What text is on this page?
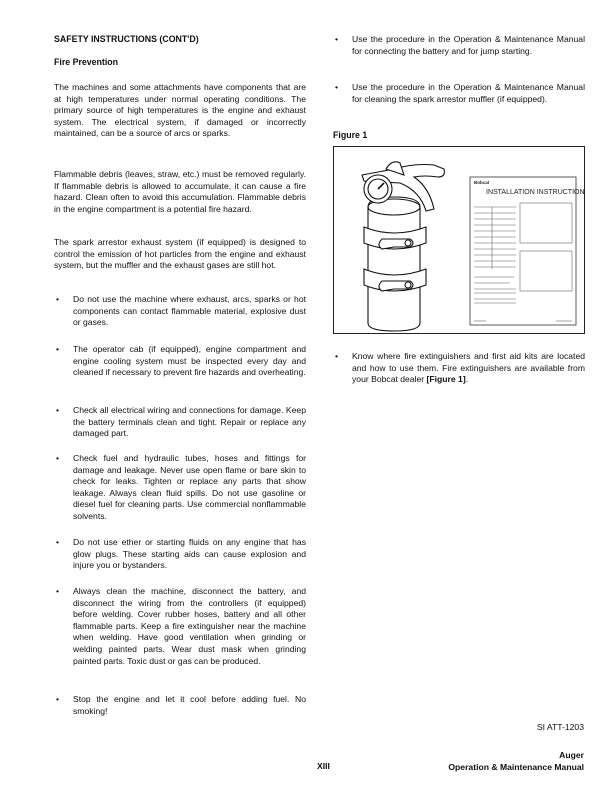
SAFETY INSTRUCTIONS (CONT'D)
Fire Prevention

The machines and some attachments have components that are at high temperatures under normal operating conditions. The primary source of high temperatures is the engine and exhaust system. The electrical system, if damaged or incorrectly maintained, can be a source of arcs or sparks.

Flammable debris (leaves, straw, etc.) must be removed regularly. If flammable debris is allowed to accumulate, it can cause a fire hazard. Clean often to avoid this accumulation. Flammable debris in the engine compartment is a potential fire hazard.

The spark arrestor exhaust system (if equipped) is designed to control the emission of hot particles from the engine and exhaust system, but the muffler and the exhaust gases are still hot.

• Do not use the machine where exhaust, arcs, sparks or hot components can contact flammable material, explosive dust or gases.
• The operator cab (if equipped), engine compartment and engine cooling system must be inspected every day and cleaned if necessary to prevent fire hazards and overheating.
• Check all electrical wiring and connections for damage. Keep the battery terminals clean and tight. Repair or replace any damaged part.
• Check fuel and hydraulic tubes, hoses and fittings for damage and leakage. Never use open flame or bare skin to check for leaks. Tighten or replace any parts that show leakage. Always clean fluid spills. Do not use gasoline or diesel fuel for cleaning parts. Use commercial nonflammable solvents.
• Do not use ether or starting fluids on any engine that has glow plugs. These starting aids can cause explosion and injure you or bystanders.
• Always clean the machine, disconnect the battery, and disconnect the wiring from the controllers (if equipped) before welding. Cover rubber hoses, battery and all other flammable parts. Keep a fire extinguisher near the machine when welding. Have good ventilation when grinding or welding painted parts. Wear dust mask when grinding painted parts. Toxic dust or gas can be produced.
• Stop the engine and let it cool before adding fuel. No smoking!
• Use the procedure in the Operation & Maintenance Manual for connecting the battery and for jump starting.
• Use the procedure in the Operation & Maintenance Manual for cleaning the spark arrestor muffler (if equipped).
Figure 1
Bobcat
INSTALLATION INSTRUCTION
• Know where fire extinguishers and first aid kits are located and how to use them. Fire extinguishers are available from your Bobcat dealer [Figure 1].
SI ATT-1203
XIII
Auger
Operation & Maintenance Manual
